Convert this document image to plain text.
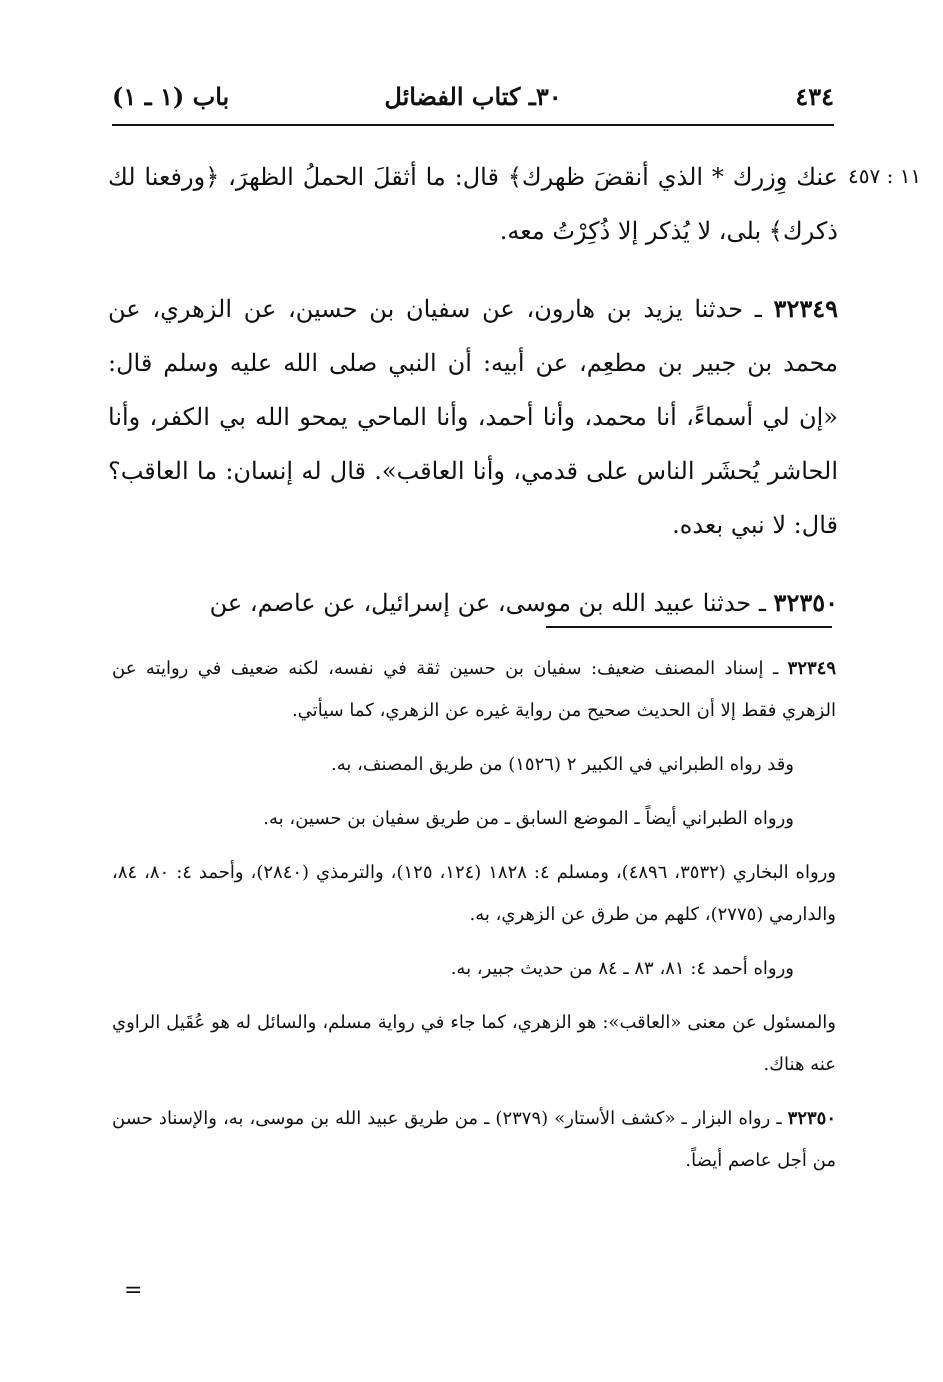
باب (١ ـ ١)	٣٠ـ كتاب الفضائل	٤٣٤
١١ : ٤٥٧

عنك وِزرك * الذي أنقضَ ظهرك﴾ قال: ما أثقلَ الحملُ الظهرَ، ﴿ورفعنا لك ذكرك﴾ بلى، لا يُذكر إلا ذُكِرْتُ معه.

٣٢٣٤٩ ـ حدثنا يزيد بن هارون، عن سفيان بن حسين، عن الزهري، عن محمد بن جبير بن مطعِم، عن أبيه: أن النبي صلى الله عليه وسلم قال: «إن لي أسماءً، أنا محمد، وأنا أحمد، وأنا الماحي يمحو الله بي الكفر، وأنا الحاشر يُحشَر الناس على قدمي، وأنا العاقب». قال له إنسان: ما العاقب؟ قال: لا نبي بعده.

٣٢٣٥٠ ـ حدثنا عبيد الله بن موسى، عن إسرائيل، عن عاصم، عن

٣٢٣٤٩ ـ إسناد المصنف ضعيف: سفيان بن حسين ثقة في نفسه، لكنه ضعيف في روايته عن الزهري فقط إلا أن الحديث صحيح من رواية غيره عن الزهري، كما سيأتي.

وقد رواه الطبراني في الكبير ٢ (١٥٢٦) من طريق المصنف، به.

ورواه الطبراني أيضاً ـ الموضع السابق ـ من طريق سفيان بن حسين، به.

ورواه البخاري (٣٥٣٢، ٤٨٩٦)، ومسلم ٤: ١٨٢٨ (١٢٤، ١٢٥)، والترمذي (٢٨٤٠)، وأحمد ٤: ٨٠، ٨٤، والدارمي (٢٧٧٥)، كلهم من طرق عن الزهري، به.

ورواه أحمد ٤: ٨١، ٨٣ ـ ٨٤ من حديث جبير، به.

والمسئول عن معنى «العاقب»: هو الزهري، كما جاء في رواية مسلم، والسائل له هو عُقَيل الراوي عنه هناك.

٣٢٣٥٠ ـ رواه البزار ـ «كشف الأستار» (٢٣٧٩) ـ من طريق عبيد الله بن موسى، به، والإسناد حسن من أجل عاصم أيضاً.

=
